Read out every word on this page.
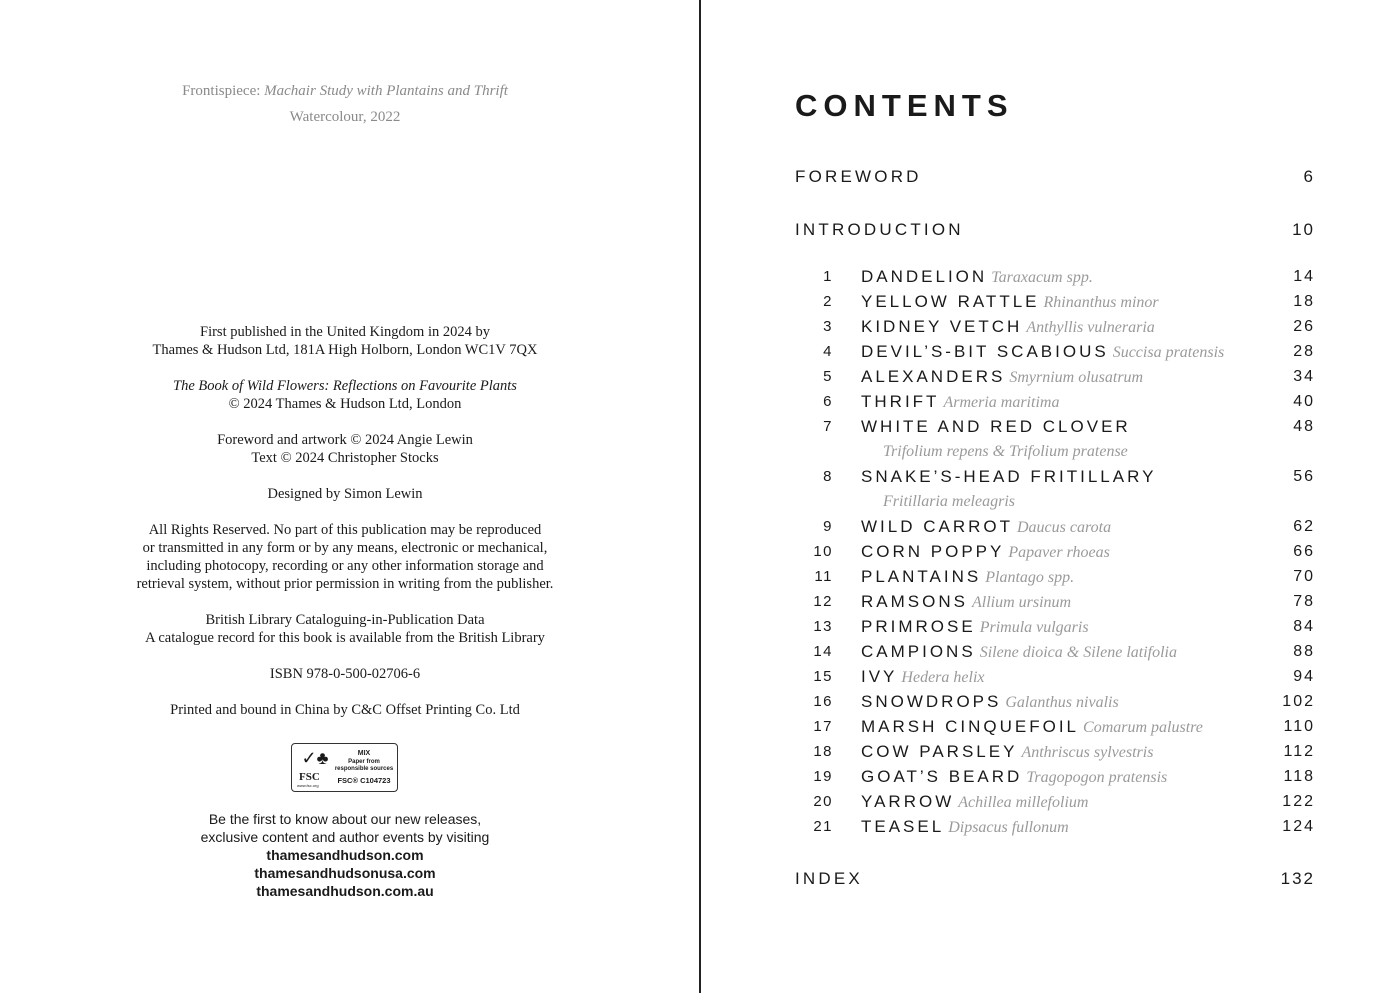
Frontispiece: Machair Study with Plantains and Thrift
Watercolour, 2022

First published in the United Kingdom in 2024 by
Thames & Hudson Ltd, 181A High Holborn, London WC1V 7QX

The Book of Wild Flowers: Reflections on Favourite Plants
© 2024 Thames & Hudson Ltd, London

Foreword and artwork © 2024 Angie Lewin
Text © 2024 Christopher Stocks

Designed by Simon Lewin

All Rights Reserved. No part of this publication may be reproduced
or transmitted in any form or by any means, electronic or mechanical,
including photocopy, recording or any other information storage and
retrieval system, without prior permission in writing from the publisher.

British Library Cataloguing-in-Publication Data
A catalogue record for this book is available from the British Library

ISBN 978-0-500-02706-6

Printed and bound in China by C&C Offset Printing Co. Ltd

✓♣
FSC
www.fsc.org
MIX
Paper from responsible sources
FSC® C104723
Be the first to know about our new releases,
exclusive content and author events by visiting
thamesandhudson.com
thamesandhudsonusa.com
thamesandhudson.com.au
CONTENTS
FOREWORD	6
INTRODUCTION	10
1 DANDELION Taraxacum spp.	14
2 YELLOW RATTLE Rhinanthus minor	18
3 KIDNEY VETCH Anthyllis vulneraria	26
4 DEVIL’S-BIT SCABIOUS Succisa pratensis	28
5 ALEXANDERS Smyrnium olusatrum	34
6 THRIFT Armeria maritima	40
7 WHITE AND RED CLOVER	48
Trifolium repens & Trifolium pratense
8 SNAKE’S-HEAD FRITILLARY	56
Fritillaria meleagris
9 WILD CARROT Daucus carota	62
10 CORN POPPY Papaver rhoeas	66
11 PLANTAINS Plantago spp.	70
12 RAMSONS Allium ursinum	78
13 PRIMROSE Primula vulgaris	84
14 CAMPIONS Silene dioica & Silene latifolia	88
15 IVY Hedera helix	94
16 SNOWDROPS Galanthus nivalis	102
17 MARSH CINQUEFOIL Comarum palustre	110
18 COW PARSLEY Anthriscus sylvestris	112
19 GOAT’S BEARD Tragopogon pratensis	118
20 YARROW Achillea millefolium	122
21 TEASEL Dipsacus fullonum	124
INDEX	132
